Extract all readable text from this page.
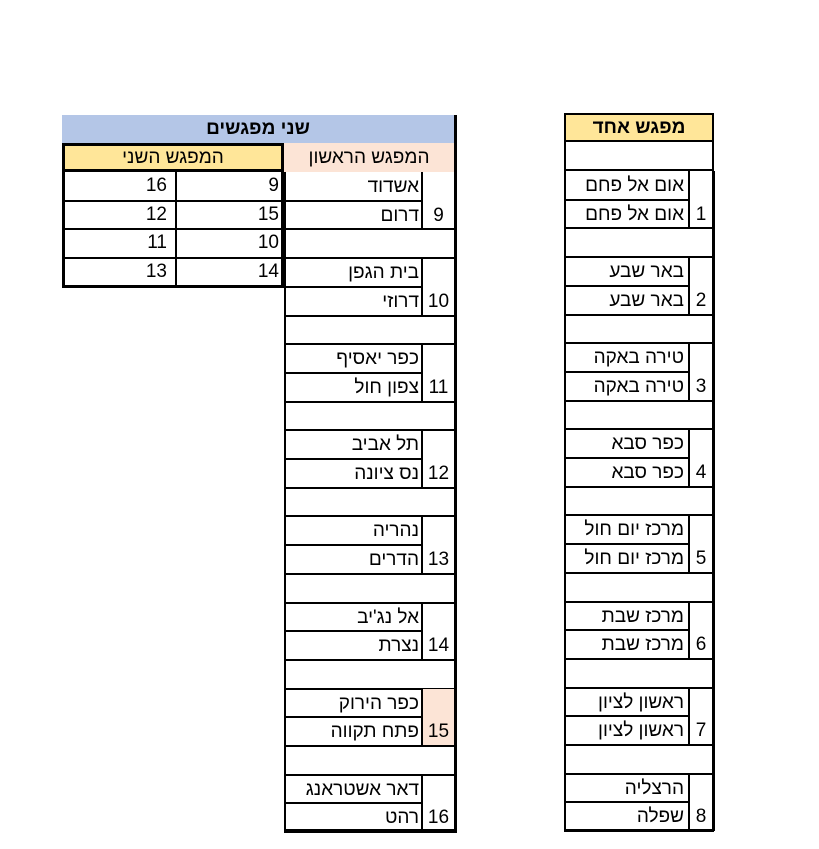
מפגש אחד
אום אל פחם
אום אל פחם 1
באר שבע
באר שבע 2
טירה באקה
טירה באקה 3
כפר סבא
כפר סבא 4
מרכז יום חול
מרכז יום חול 5
מרכז שבת
מרכז שבת 6
ראשון לציון
ראשון לציון 7
הרצליה
שפלה 8
שני מפגשים
המפגש הראשון
המפגש השני
9
16
15
12
10
11
14
13
אשדוד
דרום 9
בית הגפן
דרוזי 10
כפר יאסיף
צפון חול 11
תל אביב
נס ציונה 12
נהריה
הדרים 13
אל נג'יב
נצרת 14
כפר הירוק
פתח תקווה 15
דאר אשטראנג
רהט 16
